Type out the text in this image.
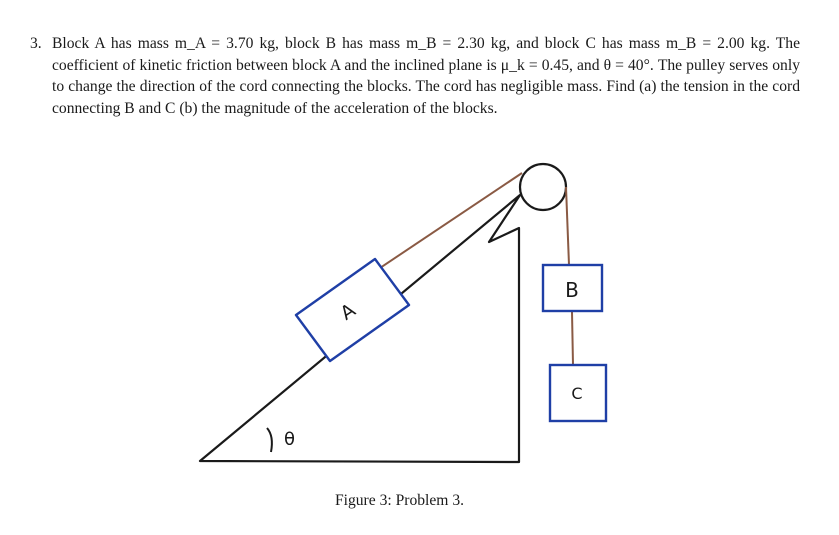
3. Block A has mass m_A = 3.70 kg, block B has mass m_B = 2.30 kg, and block C has mass m_B = 2.00 kg. The coefficient of kinetic friction between block A and the inclined plane is μ_k = 0.45, and θ = 40°. The pulley serves only to change the direction of the cord connecting the blocks. The cord has negligible mass. Find (a) the tension in the cord connecting B and C (b) the magnitude of the acceleration of the blocks.
θ
A
B
C
Figure 3: Problem 3.
